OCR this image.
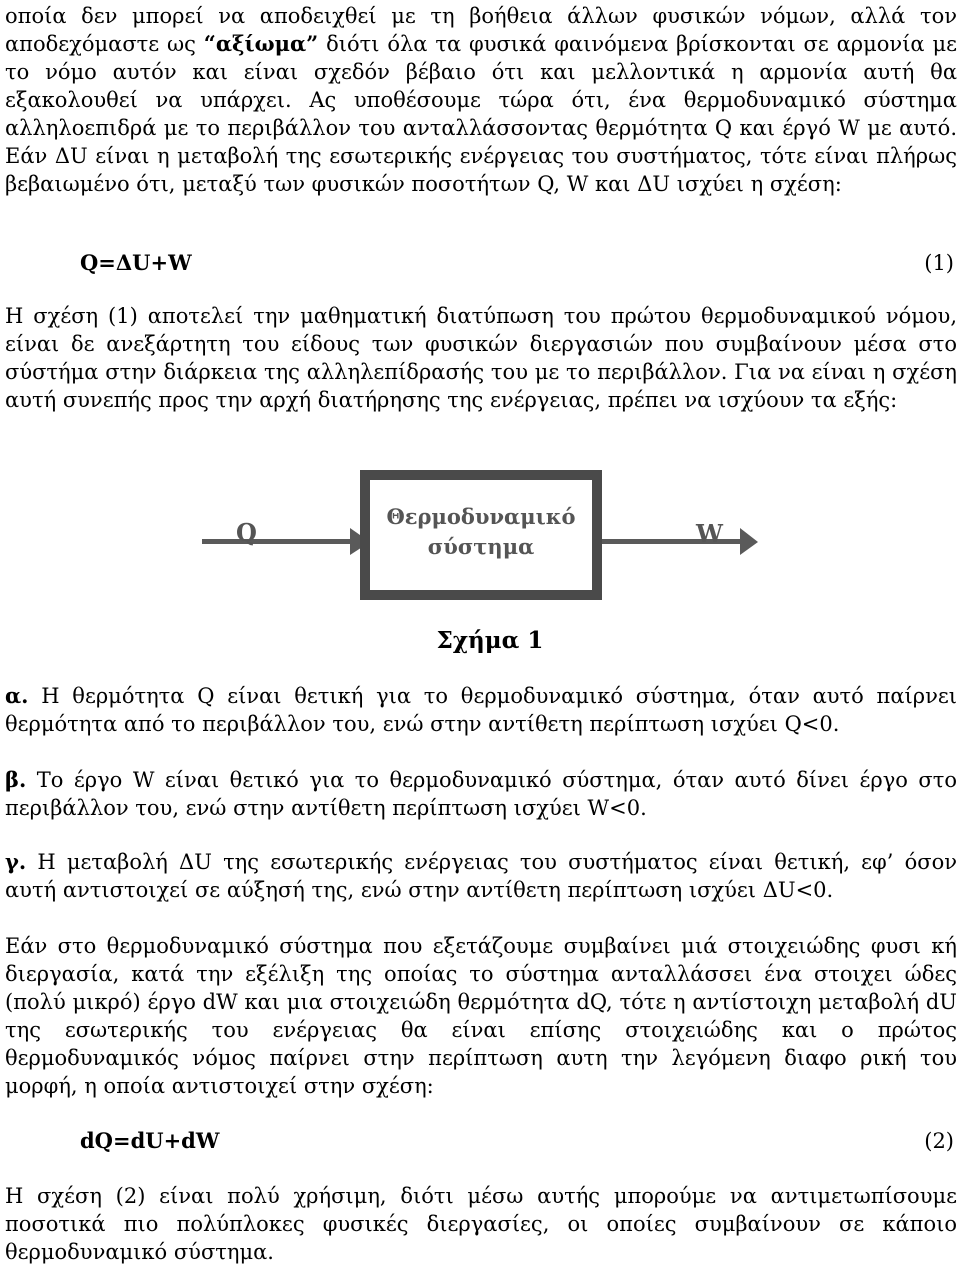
οποία δεν μπορεί να αποδειχθεί με τη βοήθεια άλλων φυσικών νόμων, αλλά τον αποδεχόμαστε ως “αξίωμα” διότι όλα τα φυσικά φαινόμενα βρίσκονται σε αρμονία με το νόμο αυτόν και είναι σχεδόν βέβαιο ότι και μελλοντικά η αρμονία αυτή θα εξακολουθεί να υπάρχει. Ας υποθέσουμε τώρα ότι, ένα θερμοδυναμικό σύστημα αλληλοεπιδρά με το περιβάλλον του ανταλλάσσοντας θερμότητα Q και έργό W με αυτό. Εάν ΔU είναι η μεταβολή της εσωτερικής ενέργειας του συστήματος, τότε είναι πλήρως βεβαιωμένο ότι, μεταξύ των φυσικών ποσοτήτων Q, W και ΔU ισχύει η σχέση:

Q=ΔU+W	(1)

Η σχέση (1) αποτελεί την μαθηματική διατύπωση του πρώτου θερμοδυναμικού νόμου, είναι δε ανεξάρτητη του είδους των φυσικών διεργασιών που συμβαίνουν μέσα στο σύστήμα στην διάρκεια της αλληλεπίδρασής του με το περιβάλλον. Για να είναι η σχέση αυτή συνεπής προς την αρχή διατήρησης της ενέργειας, πρέπει να ισχύουν τα εξής:

Q	W
Θερμοδυναμικό
σύστημα
Σχήμα 1

α. Η θερμότητα Q είναι θετική για το θερμοδυναμικό σύστημα, όταν αυτό παίρνει θερμότητα από το περιβάλλον του, ενώ στην αντίθετη περίπτωση ισχύει Q<0.

β. Το έργο W είναι θετικό για το θερμοδυναμικό σύστημα, όταν αυτό δίνει έργο στο περιβάλλον του, ενώ στην αντίθετη περίπτωση ισχύει W<0.

γ. Η μεταβολή ΔU της εσωτερικής ενέργειας του συστήματος είναι θετική, εφ’ όσον αυτή αντιστοιχεί σε αύξησή της, ενώ στην αντίθετη περίπτωση ισχύει ΔU<0.

Εάν στο θερμοδυναμικό σύστημα που εξετάζουμε συμβαίνει μιά στοιχειώδης φυσι κή διεργασία, κατά την εξέλιξη της οποίας το σύστημα ανταλλάσσει ένα στοιχει ώδες (πολύ μικρό) έργο dW και μια στοιχειώδη θερμότητα dQ, τότε η αντίστοιχη μεταβολή dU της εσωτερικής του ενέργειας θα είναι επίσης στοιχειώδης και ο πρώτος θερμοδυναμικός νόμος παίρνει στην περίπτωση αυτη την λεγόμενη διαφο ρική του μορφή, η οποία αντιστοιχεί στην σχέση:

dQ=dU+dW	(2)

Η σχέση (2) είναι πολύ χρήσιμη, διότι μέσω αυτής μπορούμε να αντιμετωπίσουμε ποσοτικά πιο πολύπλοκες φυσικές διεργασίες, οι οποίες συμβαίνουν σε κάποιο θερμοδυναμικό σύστημα.
